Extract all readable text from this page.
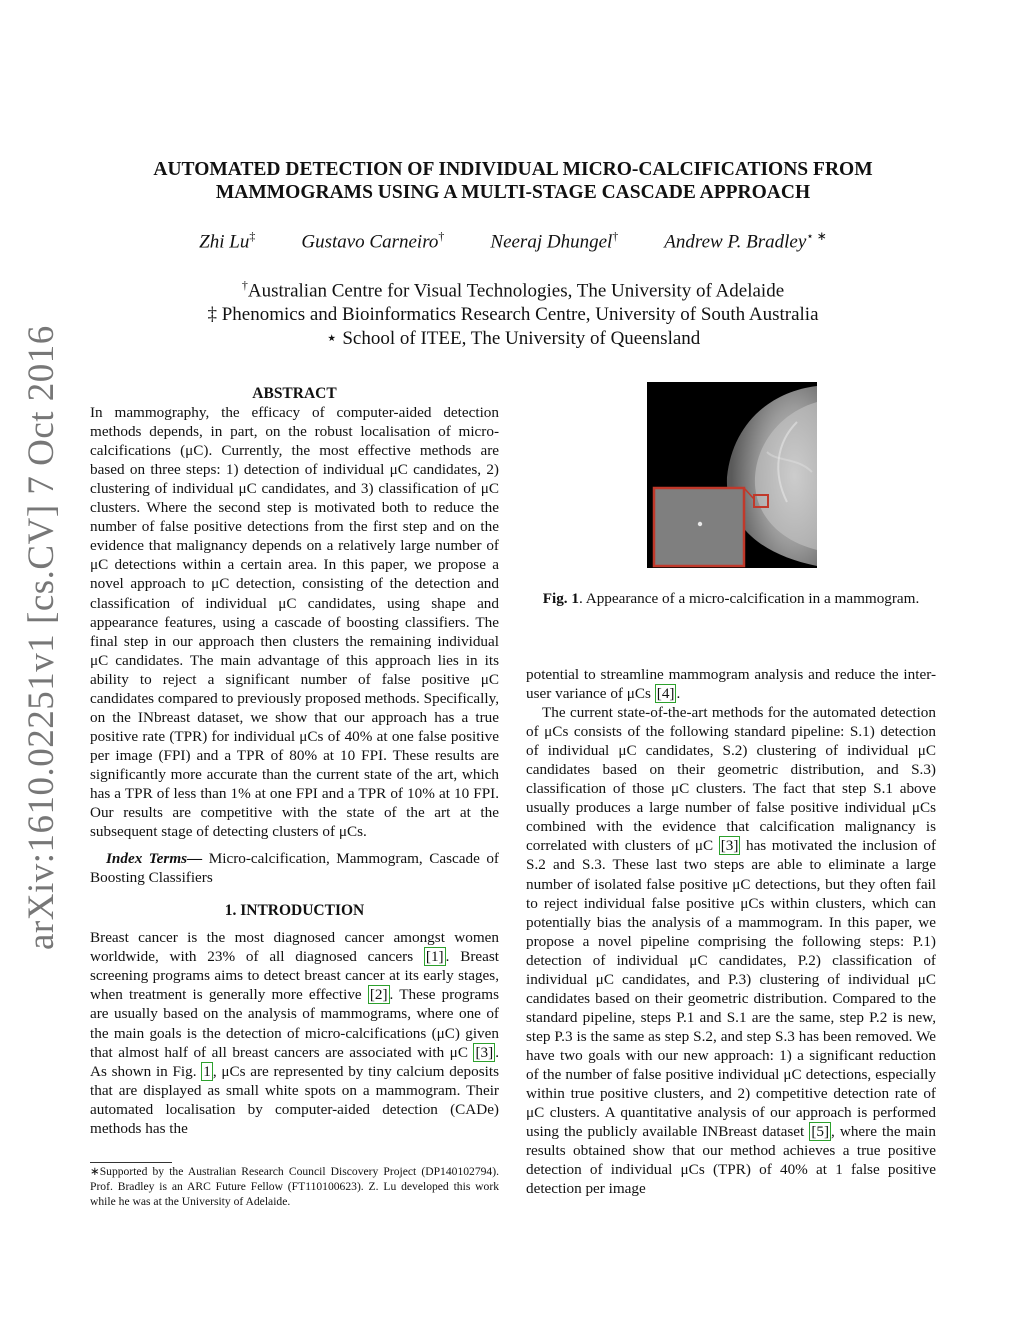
arXiv:1610.02251v1 [cs.CV] 7 Oct 2016
AUTOMATED DETECTION OF INDIVIDUAL MICRO-CALCIFICATIONS FROM
MAMMOGRAMS USING A MULTI-STAGE CASCADE APPROACH
Zhi Lu‡ Gustavo Carneiro† Neeraj Dhungel† Andrew P. Bradley⋆ ∗
†Australian Centre for Visual Technologies, The University of Adelaide
‡ Phenomics and Bioinformatics Research Centre, University of South Australia
⋆ School of ITEE, The University of Queensland
ABSTRACT

In mammography, the efficacy of computer-aided detection methods depends, in part, on the robust localisation of micro-calcifications (μC). Currently, the most effective methods are based on three steps: 1) detection of individual μC candidates, 2) clustering of individual μC candidates, and 3) classification of μC clusters. Where the second step is motivated both to reduce the number of false positive detections from the first step and on the evidence that malignancy depends on a relatively large number of μC detections within a certain area. In this paper, we propose a novel approach to μC detection, consisting of the detection and classification of individual μC candidates, using shape and appearance features, using a cascade of boosting classifiers. The final step in our approach then clusters the remaining individual μC candidates. The main advantage of this approach lies in its ability to reject a significant number of false positive μC candidates compared to previously proposed methods. Specifically, on the INbreast dataset, we show that our approach has a true positive rate (TPR) for individual μCs of 40% at one false positive per image (FPI) and a TPR of 80% at 10 FPI. These results are significantly more accurate than the current state of the art, which has a TPR of less than 1% at one FPI and a TPR of 10% at 10 FPI. Our results are competitive with the state of the art at the subsequent stage of detecting clusters of μCs.

Index Terms— Micro-calcification, Mammogram, Cascade of Boosting Classifiers

1. INTRODUCTION

Breast cancer is the most diagnosed cancer amongst women worldwide, with 23% of all diagnosed cancers [1] . Breast screening programs aims to detect breast cancer at its early stages, when treatment is generally more effective [2] . These programs are usually based on the analysis of mammograms, where one of the main goals is the detection of micro-calcifications (μC) given that almost half of all breast cancers are associated with μC [3] . As shown in Fig. 1 , μCs are represented by tiny calcium deposits that are displayed as small white spots on a mammogram. Their automated localisation by computer-aided detection (CADe) methods has the

∗Supported by the Australian Research Council Discovery Project (DP140102794). Prof. Bradley is an ARC Future Fellow (FT110100623). Z. Lu developed this work while he was at the University of Adelaide.
Fig. 1. Appearance of a micro-calcification in a mammogram.

potential to streamline mammogram analysis and reduce the inter-user variance of μCs [4] .

The current state-of-the-art methods for the automated detection of μCs consists of the following standard pipeline: S.1) detection of individual μC candidates, S.2) clustering of individual μC candidates based on their geometric distribution, and S.3) classification of those μC clusters. The fact that step S.1 above usually produces a large number of false positive individual μCs combined with the evidence that calcification malignancy is correlated with clusters of μC [3] has motivated the inclusion of S.2 and S.3. These last two steps are able to eliminate a large number of isolated false positive μC detections, but they often fail to reject individual false positive μCs within clusters, which can potentially bias the analysis of a mammogram. In this paper, we propose a novel pipeline comprising the following steps: P.1) detection of individual μC candidates, P.2) classification of individual μC candidates, and P.3) clustering of individual μC candidates based on their geometric distribution. Compared to the standard pipeline, steps P.1 and S.1 are the same, step P.2 is new, step P.3 is the same as step S.2, and step S.3 has been removed. We have two goals with our new approach: 1) a significant reduction of the number of false positive individual μC detections, especially within true positive clusters, and 2) competitive detection rate of μC clusters. A quantitative analysis of our approach is performed using the publicly available INBreast dataset [5] , where the main results obtained show that our method achieves a true positive detection of individual μCs (TPR) of 40% at 1 false positive detection per image
